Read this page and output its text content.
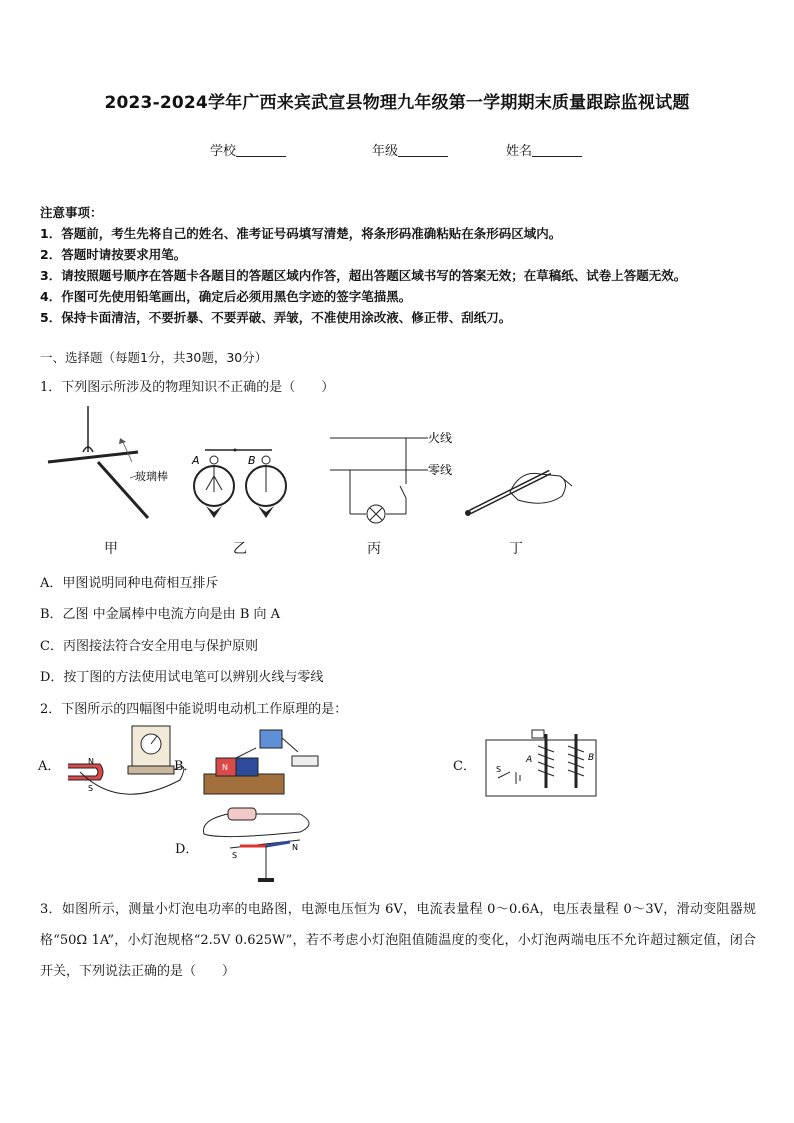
2023-2024学年广西来宾武宣县物理九年级第一学期期末质量跟踪监视试题
学校	年级	姓名
注意事项：
1．答题前，考生先将自己的姓名、准考证号码填写清楚，将条形码准确粘贴在条形码区域内。
2．答题时请按要求用笔。
3．请按照题号顺序在答题卡各题目的答题区域内作答，超出答题区域书写的答案无效；在草稿纸、试卷上答题无效。
4．作图可先使用铅笔画出，确定后必须用黑色字迹的签字笔描黑。
5．保持卡面清洁，不要折暴、不要弄破、弄皱，不准使用涂改液、修正带、刮纸刀。
一、选择题（每题1分，共30题，30分）
1．下列图示所涉及的物理知识不正确的是（　　）
玻璃棒
A	B
火线
零线
甲	乙	丙	丁
A．甲图说明同种电荷相互排斥
B．乙图 中金属棒中电流方向是由 B 向 A
C．丙图接法符合安全用电与保护原则
D．按丁图的方法使用试电笔可以辨别火线与零线
2．下图所示的四幅图中能说明电动机工作原理的是：
A．	B．	C．
D．
N
S
N
A	B
S
S
N
3．如图所示，测量小灯泡电功率的电路图，电源电压恒为 6V，电流表量程 0～0.6A，电压表量程 0～3V，滑动变阻器规格“50Ω 1A”，小灯泡规格“2.5V 0.625W”，若不考虑小灯泡阻值随温度的变化，小灯泡两端电压不允许超过额定值，闭合开关，下列说法正确的是（　　）
